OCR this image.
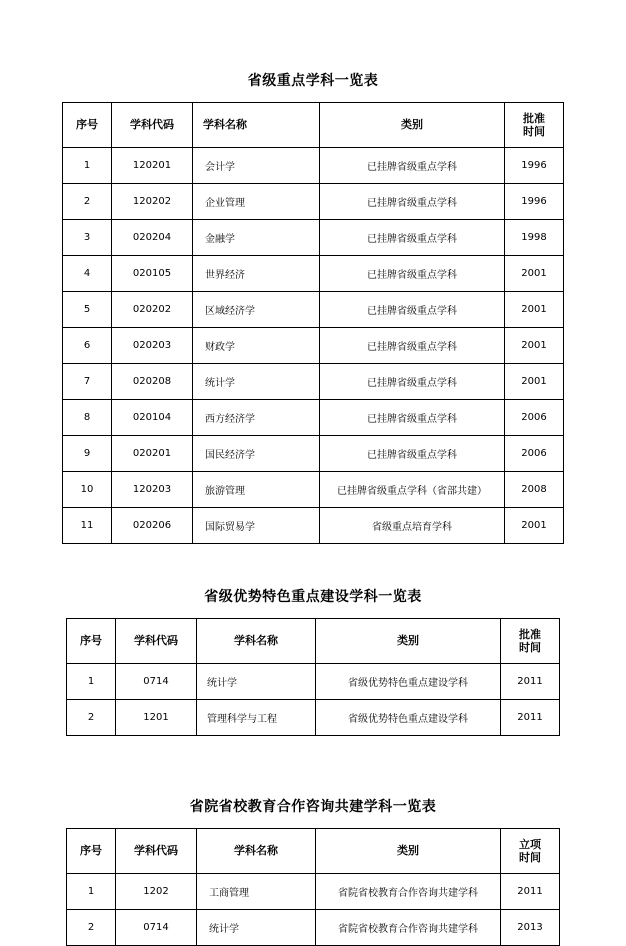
省级重点学科一览表
序号	学科代码	学科名称	类别	批准
时间

1	120201	会计学	已挂牌省级重点学科	1996
2	120202	企业管理	已挂牌省级重点学科	1996
3	020204	金融学	已挂牌省级重点学科	1998
4	020105	世界经济	已挂牌省级重点学科	2001
5	020202	区域经济学	已挂牌省级重点学科	2001
6	020203	财政学	已挂牌省级重点学科	2001
7	020208	统计学	已挂牌省级重点学科	2001
8	020104	西方经济学	已挂牌省级重点学科	2006
9	020201	国民经济学	已挂牌省级重点学科	2006
10	120203	旅游管理	已挂牌省级重点学科（省部共建）	2008
11	020206	国际贸易学	省级重点培育学科	2001
省级优势特色重点建设学科一览表
序号	学科代码	学科名称	类别	批准
时间

1	0714	统计学	省级优势特色重点建设学科	2011
2	1201	管理科学与工程	省级优势特色重点建设学科	2011
省院省校教育合作咨询共建学科一览表
序号	学科代码	学科名称	类别	立项
时间

1	1202	工商管理	省院省校教育合作咨询共建学科	2011
2	0714	统计学	省院省校教育合作咨询共建学科	2013
